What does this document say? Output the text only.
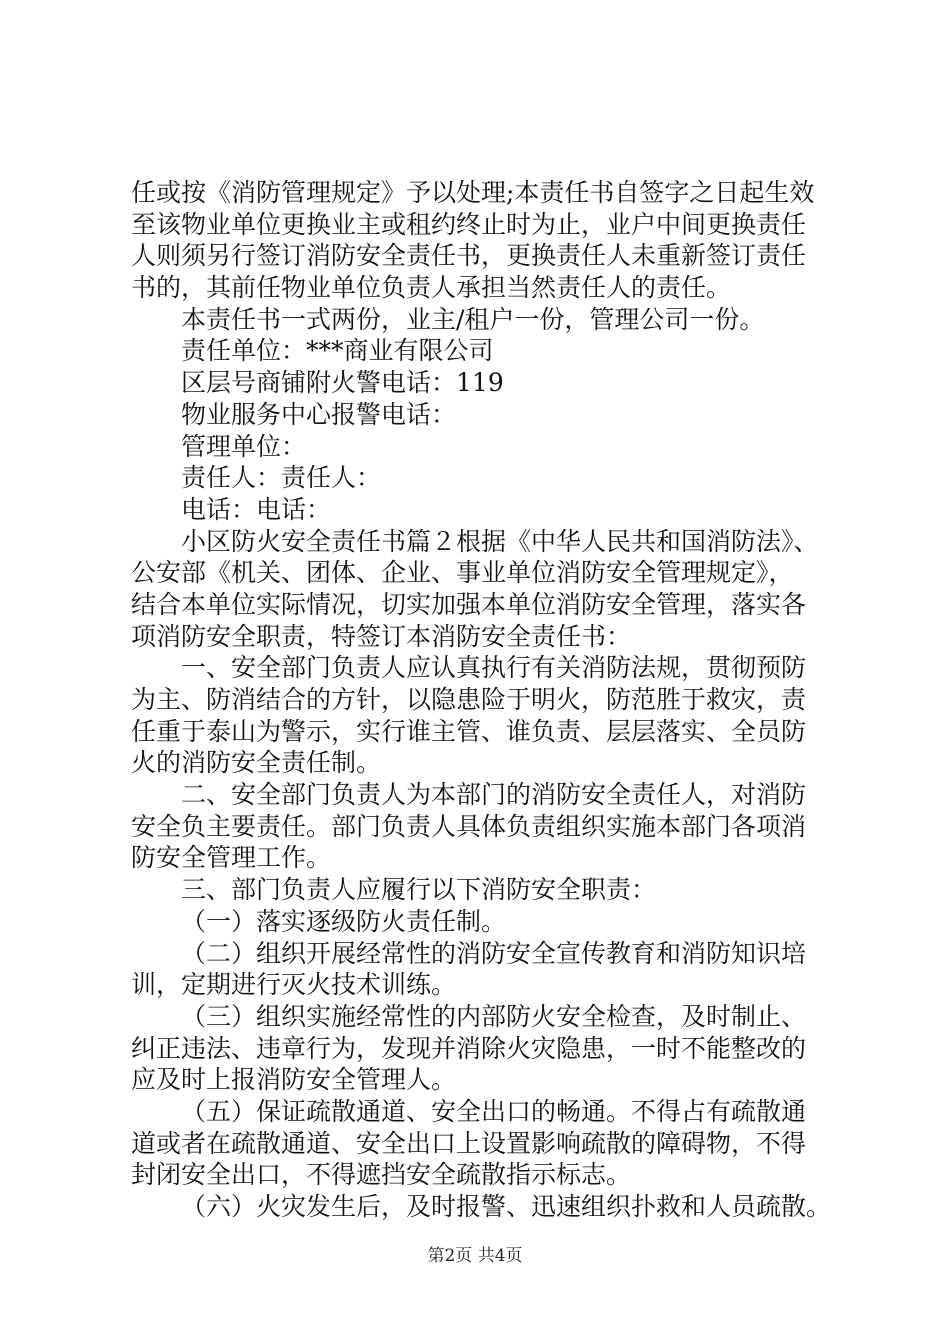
任或按《消防管理规定》予以处理;本责任书自签字之日起生效
至该物业单位更换业主或租约终止时为止，业户中间更换责任
人则须另行签订消防安全责任书，更换责任人未重新签订责任
书的，其前任物业单位负责人承担当然责任人的责任。
本责任书一式两份，业主/租户一份，管理公司一份。
责任单位：***商业有限公司
区层号商铺附火警电话：119
物业服务中心报警电话：
管理单位：
责任人：责任人：
电话：电话：
小区防火安全责任书篇２根据《中华人民共和国消防法》、
公安部《机关、团体、企业、事业单位消防安全管理规定》，
结合本单位实际情况，切实加强本单位消防安全管理，落实各
项消防安全职责，特签订本消防安全责任书：
一、安全部门负责人应认真执行有关消防法规，贯彻预防
为主、防消结合的方针，以隐患险于明火，防范胜于救灾，责
任重于泰山为警示，实行谁主管、谁负责、层层落实、全员防
火的消防安全责任制。
二、安全部门负责人为本部门的消防安全责任人，对消防
安全负主要责任。部门负责人具体负责组织实施本部门各项消
防安全管理工作。
三、部门负责人应履行以下消防安全职责：
（一）落实逐级防火责任制。
（二）组织开展经常性的消防安全宣传教育和消防知识培
训，定期进行灭火技术训练。
（三）组织实施经常性的内部防火安全检查，及时制止、
纠正违法、违章行为，发现并消除火灾隐患，一时不能整改的
应及时上报消防安全管理人。
（五）保证疏散通道、安全出口的畅通。不得占有疏散通
道或者在疏散通道、安全出口上设置影响疏散的障碍物，不得
封闭安全出口，不得遮挡安全疏散指示标志。
（六）火灾发生后，及时报警、迅速组织扑救和人员疏散。
第2页 共4页
